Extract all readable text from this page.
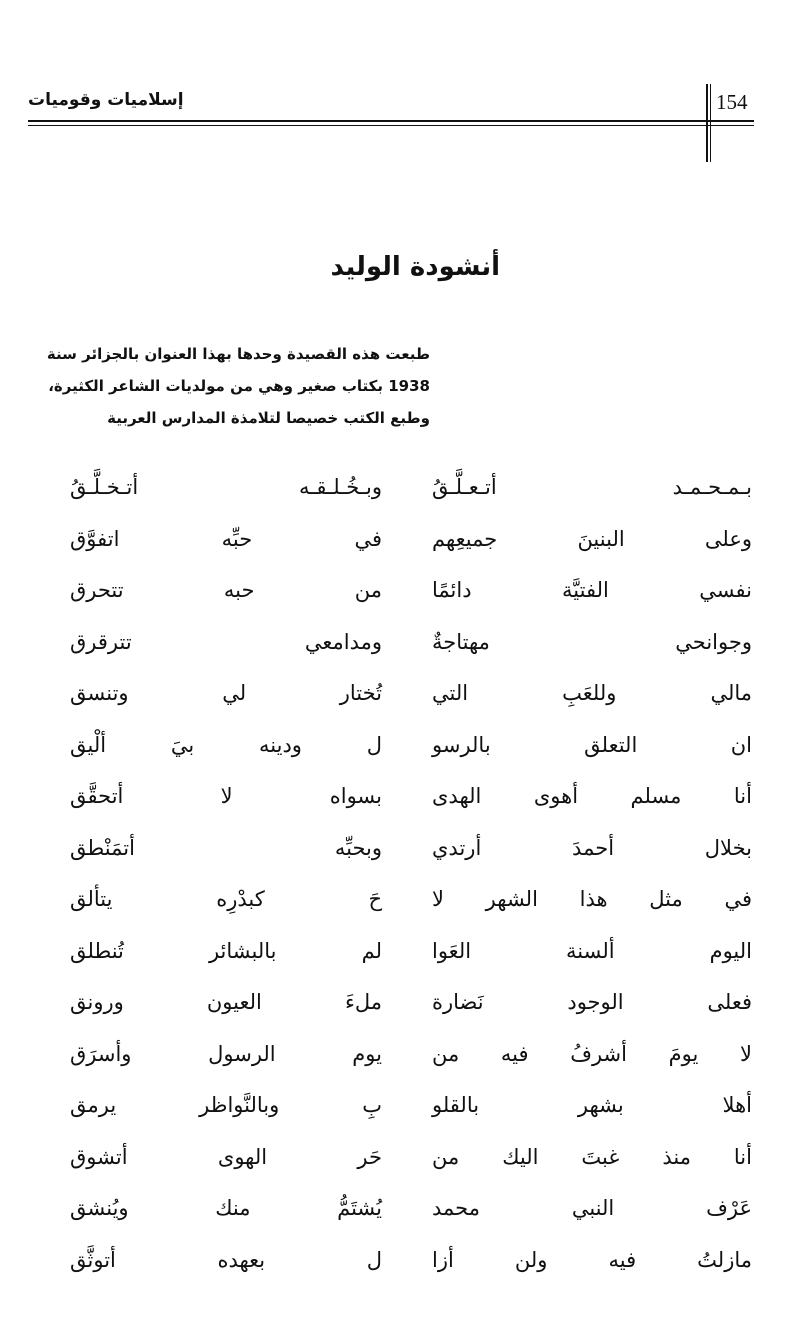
154
إسلاميات وقوميات
أنشودة الوليد
طبعت هذه القصيدة وحدها بهذا العنوان بالجزائر سنة
1938 بكتاب صغير وهي من مولديات الشاعر الكثيرة،
وطبع الكتب خصيصا لتلامذة المدارس العربية
بـمـحـمـد أتـعـلَّـقُ
وبـخُـلـقـه أتـخـلَّـقُ
وعلى البنينَ جميعِهم
في حبِّه اتفوَّق
نفسي الفتيَّة دائمًا
من حبه تتحرق
وجوانحي مهتاجةٌ
ومدامعي تترقرق
مالي وللعَبِ التي
تُختار لي وتنسق
ان التعلق بالرسو
ل ودينه بيَ ألْيق
أنا مسلم أهوى الهدى
بسواه لا أتحقَّق
بخلال أحمدَ أرتدي
وبحبِّه أتمَنْطق
في مثل هذا الشهر لا
حَ كبدْرِه يتألق
اليوم ألسنة العَوا
لم بالبشائر تُنطلق
فعلى الوجود نَضارة
ملءَ العيون ورونق
لا يومَ أشرفُ فيه من
يوم الرسول وأسرَق
أهلا بشهر بالقلو
بِ وبالنَّواظر يرمق
أنا منذ غبتَ اليك من
حَر الهوى أتشوق
عَرْف النبي محمد
يُشتَمُّ منك ويُنشق
مازلتُ فيه ولن أزا
ل بعهده أتوثَّق
